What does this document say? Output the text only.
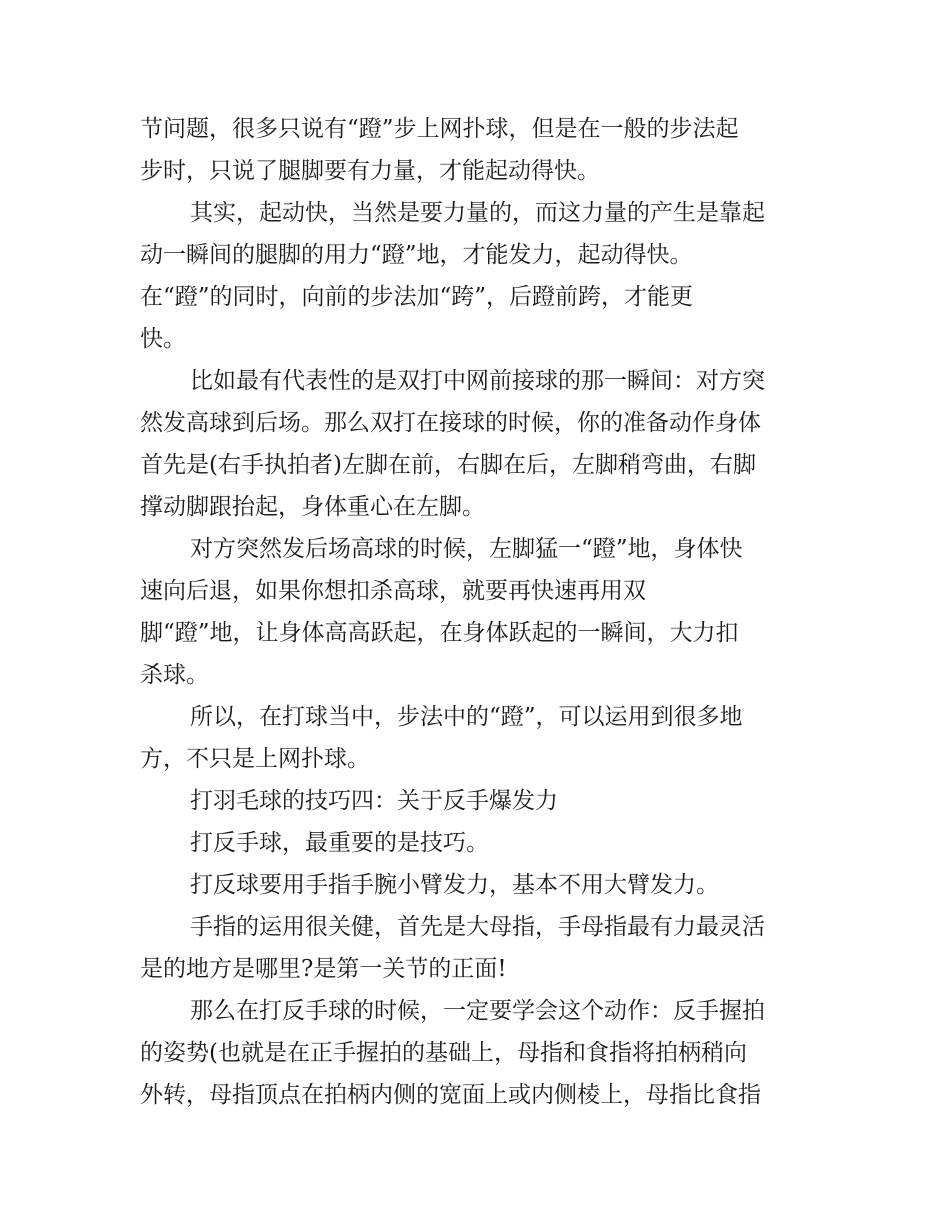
节问题，很多只说有“蹬”步上网扑球，但是在一般的步法起
步时，只说了腿脚要有力量，才能起动得快。
其实，起动快，当然是要力量的，而这力量的产生是靠起
动一瞬间的腿脚的用力“蹬”地，才能发力，起动得快。
在“蹬”的同时，向前的步法加“跨”，后蹬前跨，才能更
快。
比如最有代表性的是双打中网前接球的那一瞬间：对方突
然发高球到后场。那么双打在接球的时候，你的准备动作身体
首先是(右手执拍者)左脚在前，右脚在后，左脚稍弯曲，右脚
撑动脚跟抬起，身体重心在左脚。
对方突然发后场高球的时候，左脚猛一“蹬”地，身体快
速向后退，如果你想扣杀高球，就要再快速再用双
脚“蹬”地，让身体高高跃起，在身体跃起的一瞬间，大力扣
杀球。
所以，在打球当中，步法中的“蹬”，可以运用到很多地
方，不只是上网扑球。
打羽毛球的技巧四：关于反手爆发力
打反手球，最重要的是技巧。
打反球要用手指手腕小臂发力，基本不用大臂发力。
手指的运用很关健，首先是大母指，手母指最有力最灵活
是的地方是哪里?是第一关节的正面!
那么在打反手球的时候，一定要学会这个动作：反手握拍
的姿势(也就是在正手握拍的基础上，母指和食指将拍柄稍向
外转，母指顶点在拍柄内侧的宽面上或内侧棱上，母指比食指
